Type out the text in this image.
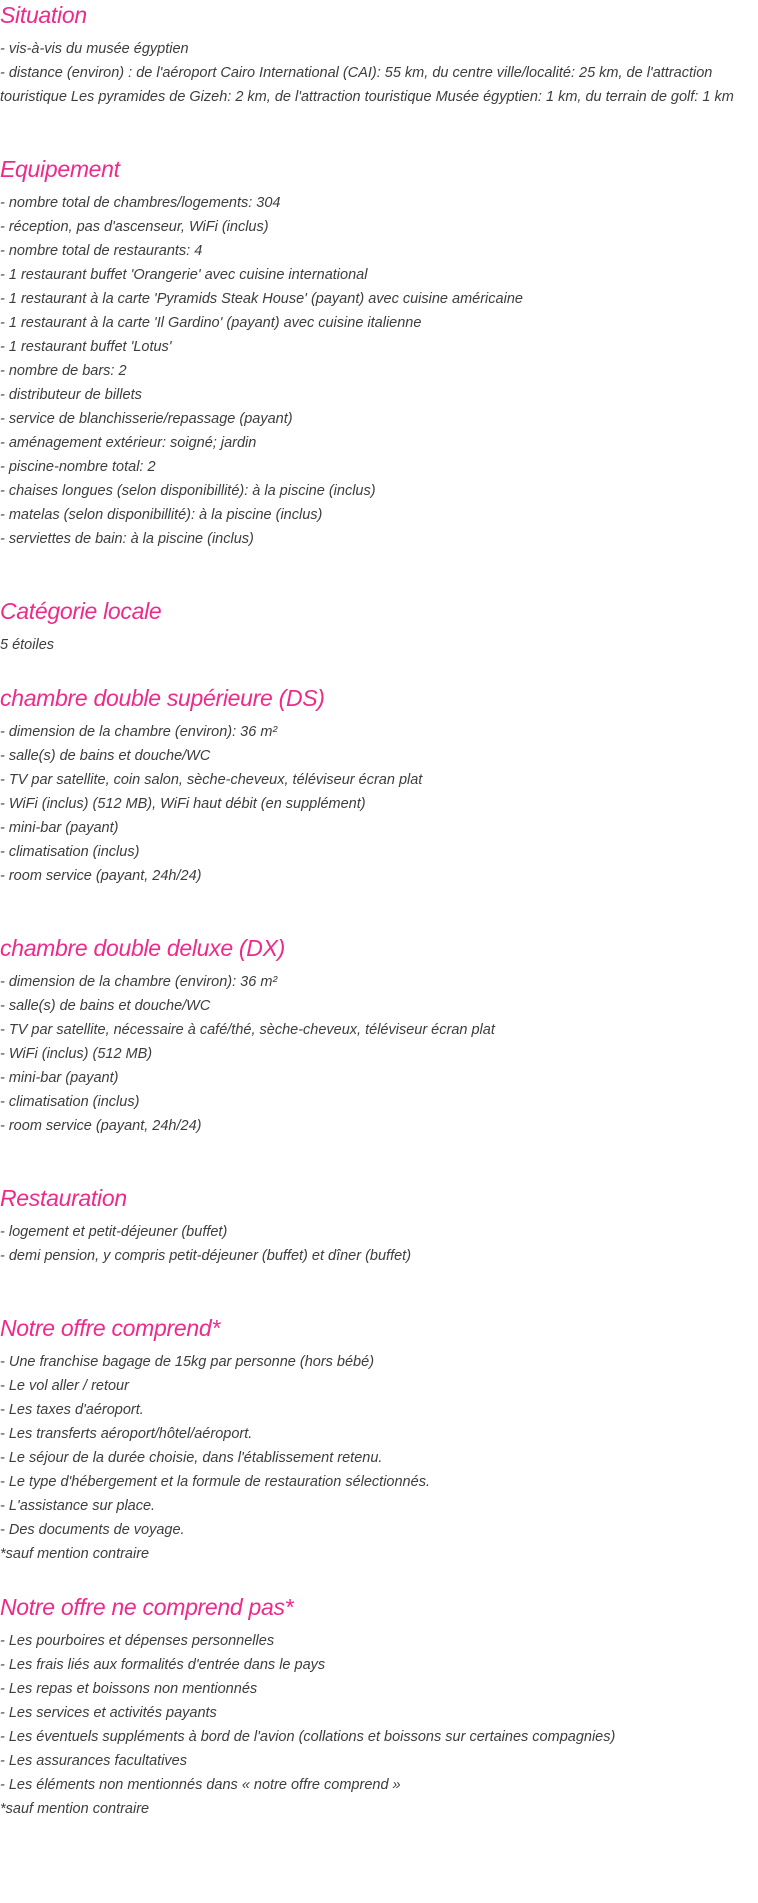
Situation
- vis-à-vis du musée égyptien
- distance (environ) : de l'aéroport Cairo International (CAI): 55 km, du centre ville/localité: 25 km, de l'attraction touristique Les pyramides de Gizeh: 2 km, de l'attraction touristique Musée égyptien: 1 km, du terrain de golf: 1 km
Equipement
- nombre total de chambres/logements: 304
- réception, pas d'ascenseur, WiFi (inclus)
- nombre total de restaurants: 4
- 1 restaurant buffet 'Orangerie' avec cuisine international
- 1 restaurant à la carte 'Pyramids Steak House' (payant) avec cuisine américaine
- 1 restaurant à la carte 'Il Gardino' (payant) avec cuisine italienne
- 1 restaurant buffet 'Lotus'
- nombre de bars: 2
- distributeur de billets
- service de blanchisserie/repassage (payant)
- aménagement extérieur: soigné; jardin
- piscine-nombre total: 2
- chaises longues (selon disponibillité): à la piscine (inclus)
- matelas (selon disponibillité): à la piscine (inclus)
- serviettes de bain: à la piscine (inclus)
Catégorie locale
5 étoiles
chambre double supérieure (DS)
- dimension de la chambre (environ): 36 m²
- salle(s) de bains et douche/WC
- TV par satellite, coin salon, sèche-cheveux, téléviseur écran plat
- WiFi (inclus) (512 MB), WiFi haut débit (en supplément)
- mini-bar (payant)
- climatisation (inclus)
- room service (payant, 24h/24)
chambre double deluxe (DX)
- dimension de la chambre (environ): 36 m²
- salle(s) de bains et douche/WC
- TV par satellite, nécessaire à café/thé, sèche-cheveux, téléviseur écran plat
- WiFi (inclus) (512 MB)
- mini-bar (payant)
- climatisation (inclus)
- room service (payant, 24h/24)
Restauration
- logement et petit-déjeuner (buffet)
- demi pension, y compris petit-déjeuner (buffet) et dîner (buffet)
Notre offre comprend*
- Une franchise bagage de 15kg par personne (hors bébé)
- Le vol aller / retour
- Les taxes d'aéroport.
- Les transferts aéroport/hôtel/aéroport.
- Le séjour de la durée choisie, dans l'établissement retenu.
- Le type d'hébergement et la formule de restauration sélectionnés.
- L'assistance sur place.
- Des documents de voyage.
*sauf mention contraire
Notre offre ne comprend pas*
- Les pourboires et dépenses personnelles
- Les frais liés aux formalités d'entrée dans le pays
- Les repas et boissons non mentionnés
- Les services et activités payants
- Les éventuels suppléments à bord de l'avion (collations et boissons sur certaines compagnies)
- Les assurances facultatives
- Les éléments non mentionnés dans « notre offre comprend »
*sauf mention contraire
